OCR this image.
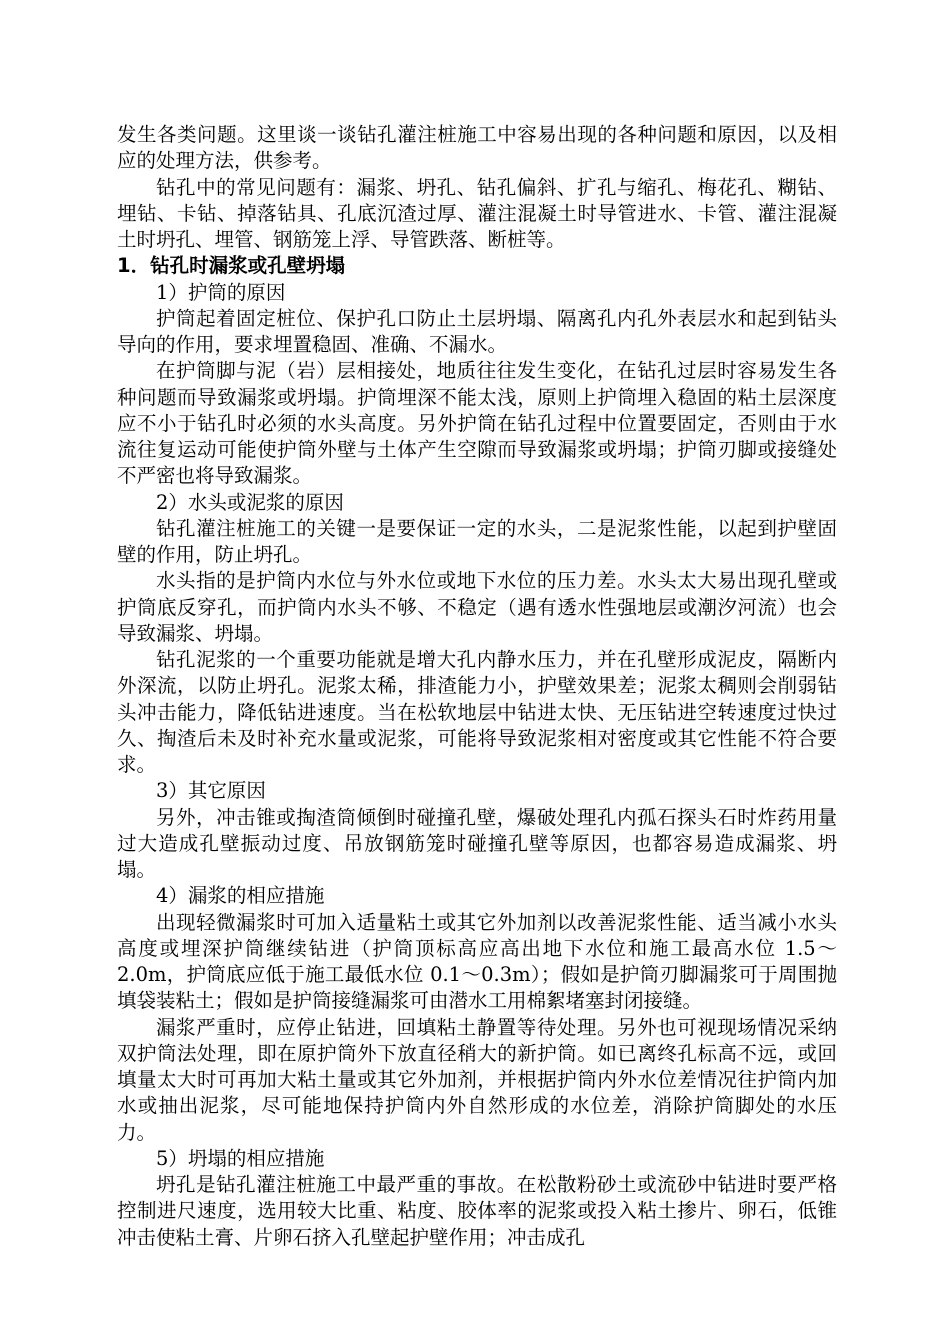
发生各类问题。这里谈一谈钻孔灌注桩施工中容易出现的各种问题和原因，以及相应的处理方法，供参考。

钻孔中的常见问题有：漏浆、坍孔、钻孔偏斜、扩孔与缩孔、梅花孔、糊钻、埋钻、卡钻、掉落钻具、孔底沉渣过厚、灌注混凝土时导管进水、卡管、灌注混凝土时坍孔、埋管、钢筋笼上浮、导管跌落、断桩等。

1．钻孔时漏浆或孔壁坍塌

1）护筒的原因

护筒起着固定桩位、保护孔口防止土层坍塌、隔离孔内孔外表层水和起到钻头导向的作用，要求埋置稳固、准确、不漏水。

在护筒脚与泥（岩）层相接处，地质往往发生变化，在钻孔过层时容易发生各种问题而导致漏浆或坍塌。护筒埋深不能太浅，原则上护筒埋入稳固的粘土层深度应不小于钻孔时必须的水头高度。另外护筒在钻孔过程中位置要固定，否则由于水流往复运动可能使护筒外壁与土体产生空隙而导致漏浆或坍塌；护筒刃脚或接缝处不严密也将导致漏浆。

2）水头或泥浆的原因

钻孔灌注桩施工的关键一是要保证一定的水头，二是泥浆性能，以起到护壁固壁的作用，防止坍孔。

水头指的是护筒内水位与外水位或地下水位的压力差。水头太大易出现孔壁或护筒底反穿孔，而护筒内水头不够、不稳定（遇有透水性强地层或潮汐河流）也会导致漏浆、坍塌。

钻孔泥浆的一个重要功能就是增大孔内静水压力，并在孔壁形成泥皮，隔断内外深流，以防止坍孔。泥浆太稀，排渣能力小，护壁效果差；泥浆太稠则会削弱钻头冲击能力，降低钻进速度。当在松软地层中钻进太快、无压钻进空转速度过快过久、掏渣后未及时补充水量或泥浆，可能将导致泥浆相对密度或其它性能不符合要求。

3）其它原因

另外，冲击锥或掏渣筒倾倒时碰撞孔壁，爆破处理孔内孤石探头石时炸药用量过大造成孔壁振动过度、吊放钢筋笼时碰撞孔壁等原因，也都容易造成漏浆、坍塌。

4）漏浆的相应措施

出现轻微漏浆时可加入适量粘土或其它外加剂以改善泥浆性能、适当减小水头高度或埋深护筒继续钻进（护筒顶标高应高出地下水位和施工最高水位 1.5～2.0m，护筒底应低于施工最低水位 0.1～0.3m）；假如是护筒刃脚漏浆可于周围抛填袋装粘土；假如是护筒接缝漏浆可由潜水工用棉絮堵塞封闭接缝。

漏浆严重时，应停止钻进，回填粘土静置等待处理。另外也可视现场情况采纳双护筒法处理，即在原护筒外下放直径稍大的新护筒。如已离终孔标高不远，或回填量太大时可再加大粘土量或其它外加剂，并根据护筒内外水位差情况往护筒内加水或抽出泥浆，尽可能地保持护筒内外自然形成的水位差，消除护筒脚处的水压力。

5）坍塌的相应措施

坍孔是钻孔灌注桩施工中最严重的事故。在松散粉砂土或流砂中钻进时要严格控制进尺速度，选用较大比重、粘度、胶体率的泥浆或投入粘土掺片、卵石，低锥冲击使粘土膏、片卵石挤入孔壁起护壁作用；冲击成孔
